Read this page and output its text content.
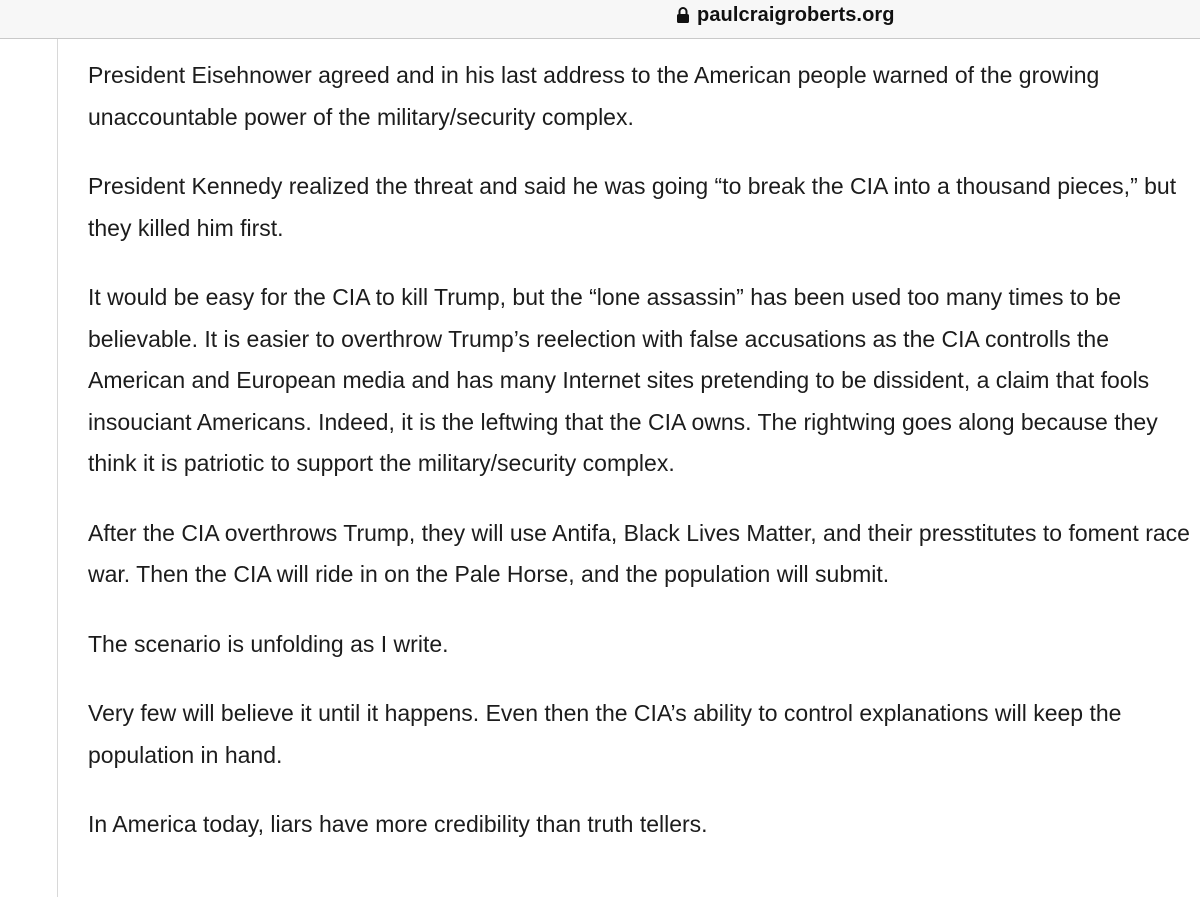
paulcraigroberts.org

President Eisehnower agreed and in his last address to the American people warned of the growing unaccountable power of the military/security complex.

President Kennedy realized the threat and said he was going “to break the CIA into a thousand pieces,” but they killed him first.

It would be easy for the CIA to kill Trump, but the “lone assassin” has been used too many times to be believable. It is easier to overthrow Trump’s reelection with false accusations as the CIA controlls the American and European media and has many Internet sites pretending to be dissident, a claim that fools insouciant Americans. Indeed, it is the leftwing that the CIA owns. The rightwing goes along because they think it is patriotic to support the military/security complex.

After the CIA overthrows Trump, they will use Antifa, Black Lives Matter, and their presstitutes to foment race war. Then the CIA will ride in on the Pale Horse, and the population will submit.

The scenario is unfolding as I write.

Very few will believe it until it happens. Even then the CIA’s ability to control explanations will keep the population in hand.

In America today, liars have more credibility than truth tellers.
